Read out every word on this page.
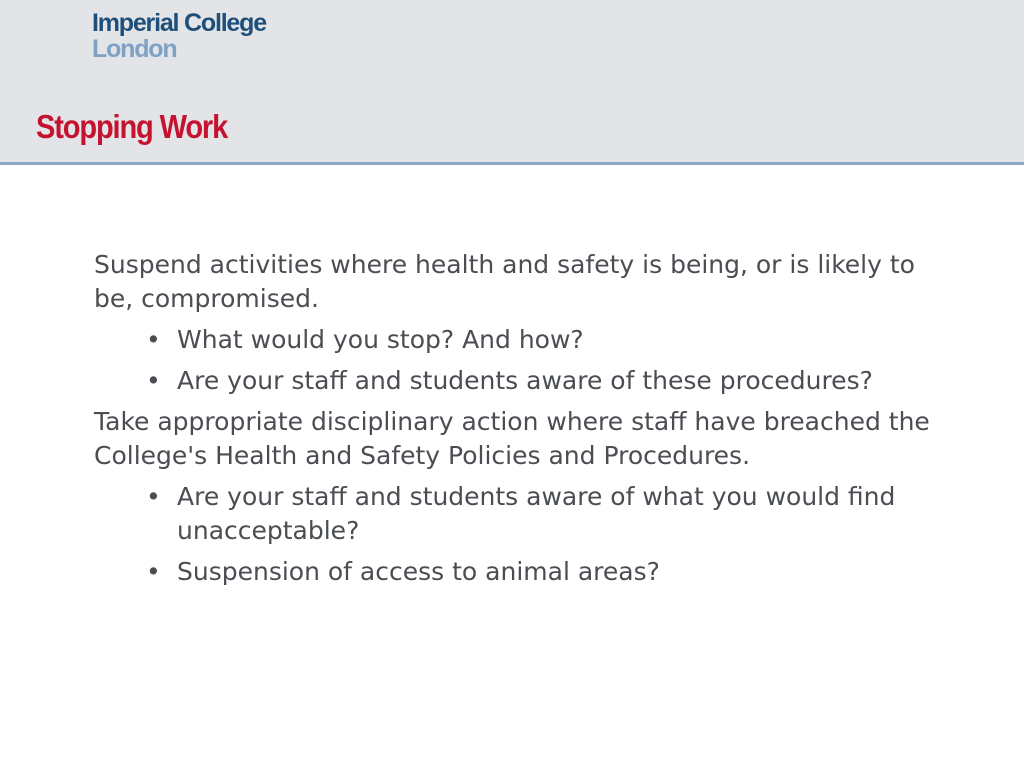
Imperial College
London
Stopping Work

Suspend activities where health and safety is being, or is likely to be, compromised.

• What would you stop? And how?
• Are your staff and students aware of these procedures?

Take appropriate disciplinary action where staff have breached the College's Health and Safety Policies and Procedures.

• Are your staff and students aware of what you would find unacceptable?
• Suspension of access to animal areas?
